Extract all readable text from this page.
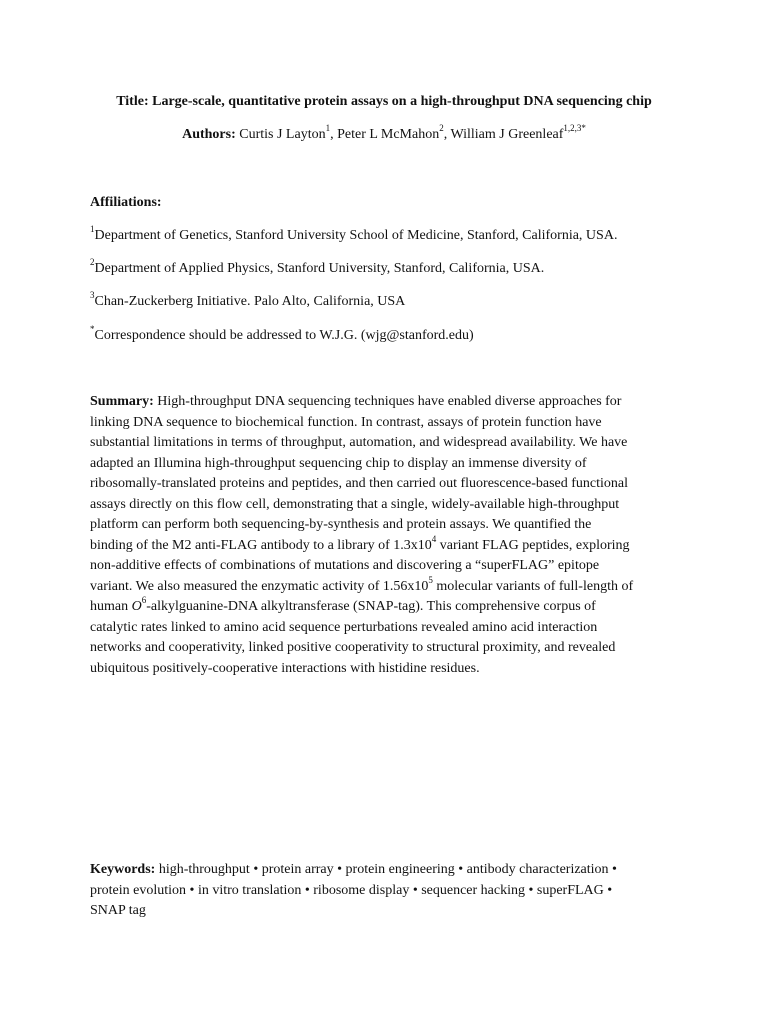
Title: Large-scale, quantitative protein assays on a high-throughput DNA sequencing chip
Authors: Curtis J Layton$^1$, Peter L McMahon$^2$, William J Greenleaf$^{1,2,3*}$
Affiliations:
$^1$Department of Genetics, Stanford University School of Medicine, Stanford, California, USA.
$^2$Department of Applied Physics, Stanford University, Stanford, California, USA.
$^3$Chan-Zuckerberg Initiative. Palo Alto, California, USA
*Correspondence should be addressed to W.J.G. (wjg@stanford.edu)
Summary: High-throughput DNA sequencing techniques have enabled diverse approaches for
linking DNA sequence to biochemical function. In contrast, assays of protein function have
substantial limitations in terms of throughput, automation, and widespread availability. We have
adapted an Illumina high-throughput sequencing chip to display an immense diversity of
ribosomally-translated proteins and peptides, and then carried out fluorescence-based functional
assays directly on this flow cell, demonstrating that a single, widely-available high-throughput
platform can perform both sequencing-by-synthesis and protein assays. We quantified the
binding of the M2 anti-FLAG antibody to a library of $1.3x10^4$ variant FLAG peptides, exploring
non-additive effects of combinations of mutations and discovering a “superFLAG” epitope
variant. We also measured the enzymatic activity of $1.56x10^5$ molecular variants of full-length of
human $O^6-alkylguanine$-DNA alkyltransferase (SNAP-tag). This comprehensive corpus of
catalytic rates linked to amino acid sequence perturbations revealed amino acid interaction
networks and cooperativity, linked positive cooperativity to structural proximity, and revealed
ubiquitous positively-cooperative interactions with histidine residues.
Keywords: high-throughput • protein array • protein engineering • antibody characterization •
protein evolution • in vitro translation • ribosome display • sequencer hacking • superFLAG •
SNAP tag
